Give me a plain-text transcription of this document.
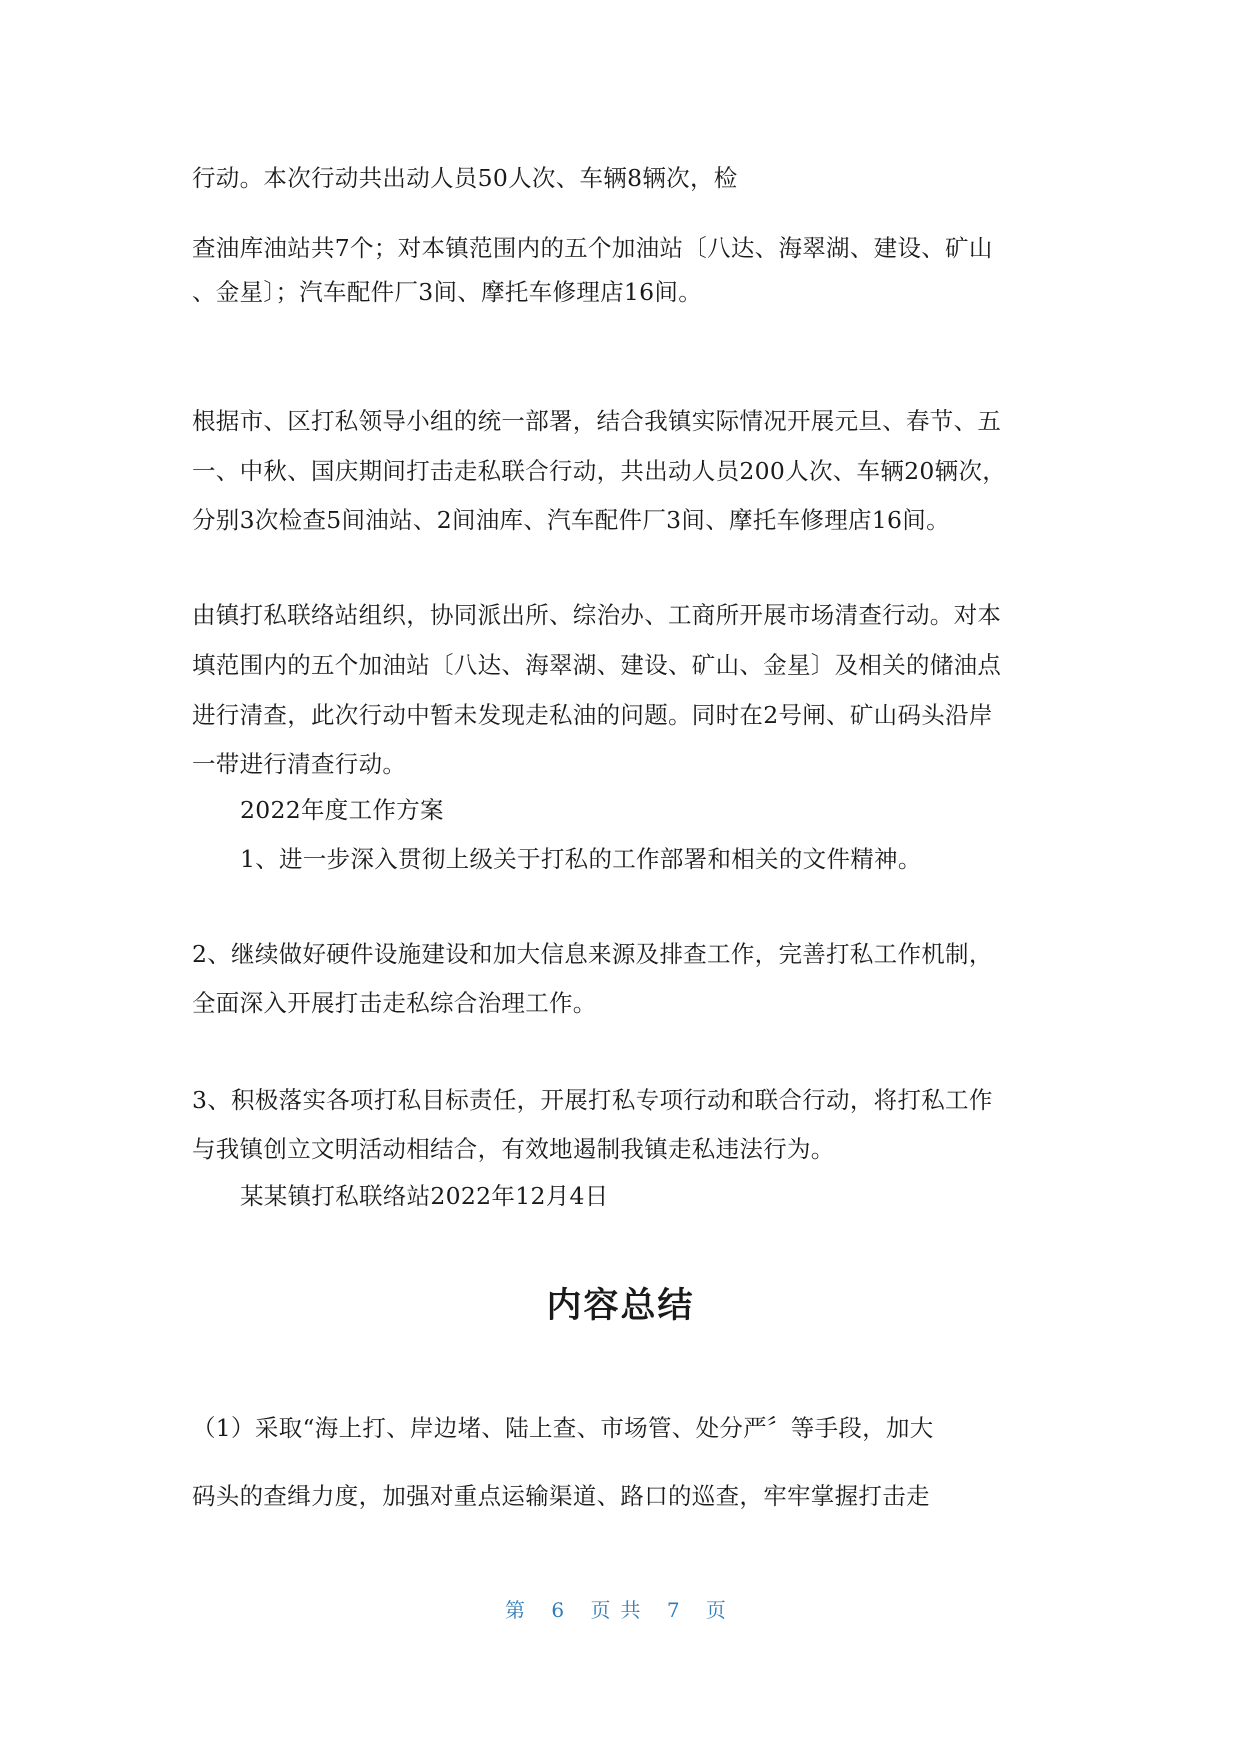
行动。本次行动共出动人员50人次、车辆8辆次，检
查油库油站共7个；对本镇范围内的五个加油站〔八达、海翠湖、建设、矿山
、金星〕；汽车配件厂3间、摩托车修理店16间。
根据市、区打私领导小组的统一部署，结合我镇实际情况开展元旦、春节、五
一、中秋、国庆期间打击走私联合行动，共出动人员200人次、车辆20辆次，
分别3次检查5间油站、2间油库、汽车配件厂3间、摩托车修理店16间。
由镇打私联络站组织，协同派出所、综治办、工商所开展市场清查行动。对本
填范围内的五个加油站〔八达、海翠湖、建设、矿山、金星〕及相关的储油点
进行清查，此次行动中暂未发现走私油的问题。同时在2号闸、矿山码头沿岸
一带进行清查行动。
2022年度工作方案
1、进一步深入贯彻上级关于打私的工作部署和相关的文件精神。
2、继续做好硬件设施建设和加大信息来源及排查工作，完善打私工作机制，
全面深入开展打击走私综合治理工作。
3、积极落实各项打私目标责任，开展打私专项行动和联合行动，将打私工作
与我镇创立文明活动相结合，有效地遏制我镇走私违法行为。
某某镇打私联络站2022年12月4日
内容总结
（1）采取“海上打、岸边堵、陆上查、市场管、处分严〞等手段，加大
码头的查缉力度，加强对重点运输渠道、路口的巡查，牢牢掌握打击走
第 6 页共 7 页
